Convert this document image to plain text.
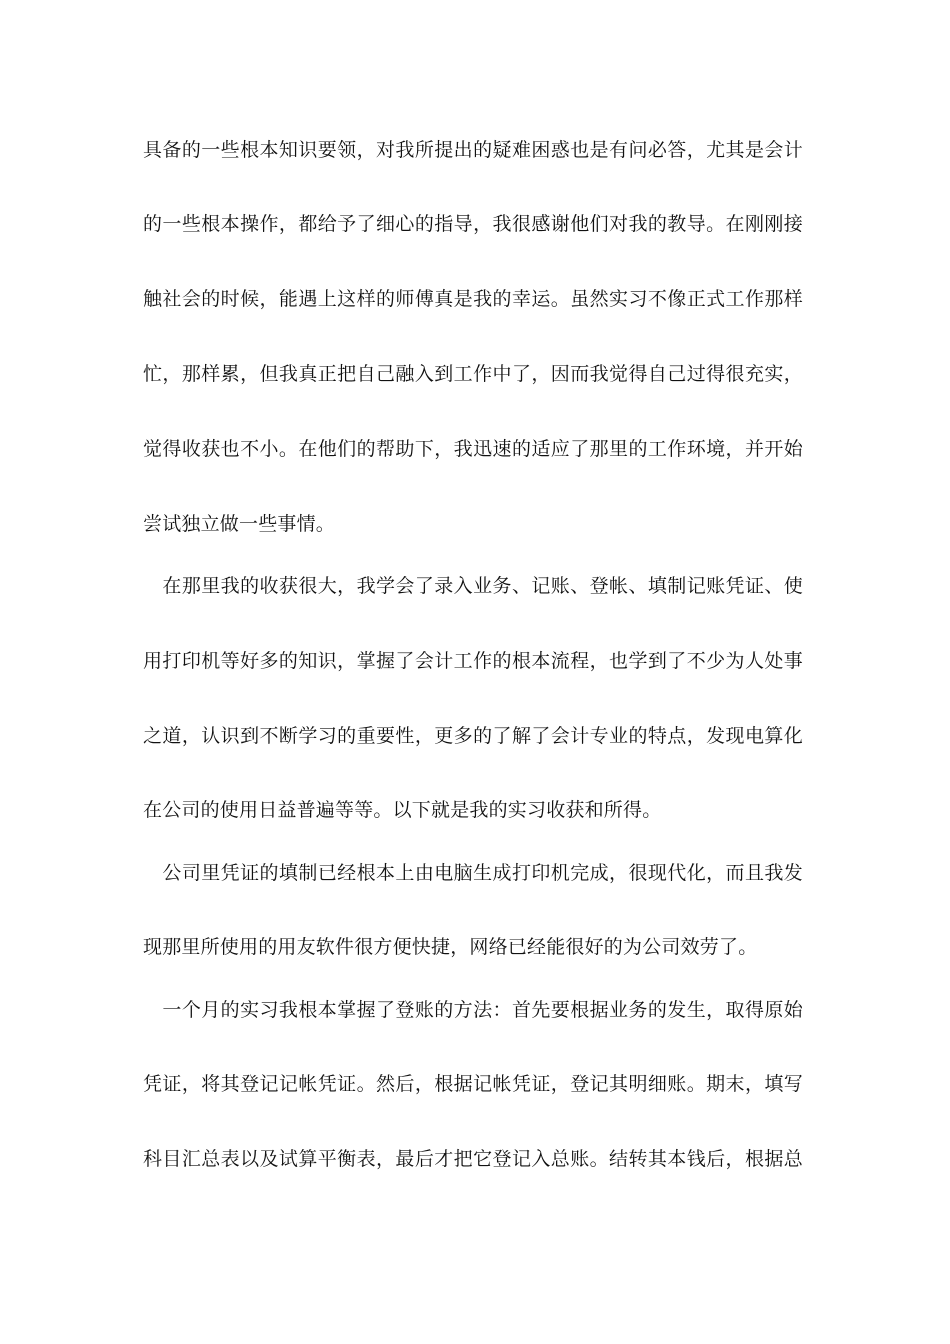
具备的一些根本知识要领，对我所提出的疑难困惑也是有问必答，尤其是会计
的一些根本操作，都给予了细心的指导，我很感谢他们对我的教导。在刚刚接
触社会的时候，能遇上这样的师傅真是我的幸运。虽然实习不像正式工作那样
忙，那样累，但我真正把自己融入到工作中了，因而我觉得自己过得很充实，
觉得收获也不小。在他们的帮助下，我迅速的适应了那里的工作环境，并开始
尝试独立做一些事情。
　在那里我的收获很大，我学会了录入业务、记账、登帐、填制记账凭证、使
用打印机等好多的知识，掌握了会计工作的根本流程，也学到了不少为人处事
之道，认识到不断学习的重要性，更多的了解了会计专业的特点，发现电算化
在公司的使用日益普遍等等。以下就是我的实习收获和所得。
　公司里凭证的填制已经根本上由电脑生成打印机完成，很现代化，而且我发
现那里所使用的用友软件很方便快捷，网络已经能很好的为公司效劳了。
　一个月的实习我根本掌握了登账的方法：首先要根据业务的发生，取得原始
凭证，将其登记记帐凭证。然后，根据记帐凭证，登记其明细账。期末，填写
科目汇总表以及试算平衡表，最后才把它登记入总账。结转其本钱后，根据总
